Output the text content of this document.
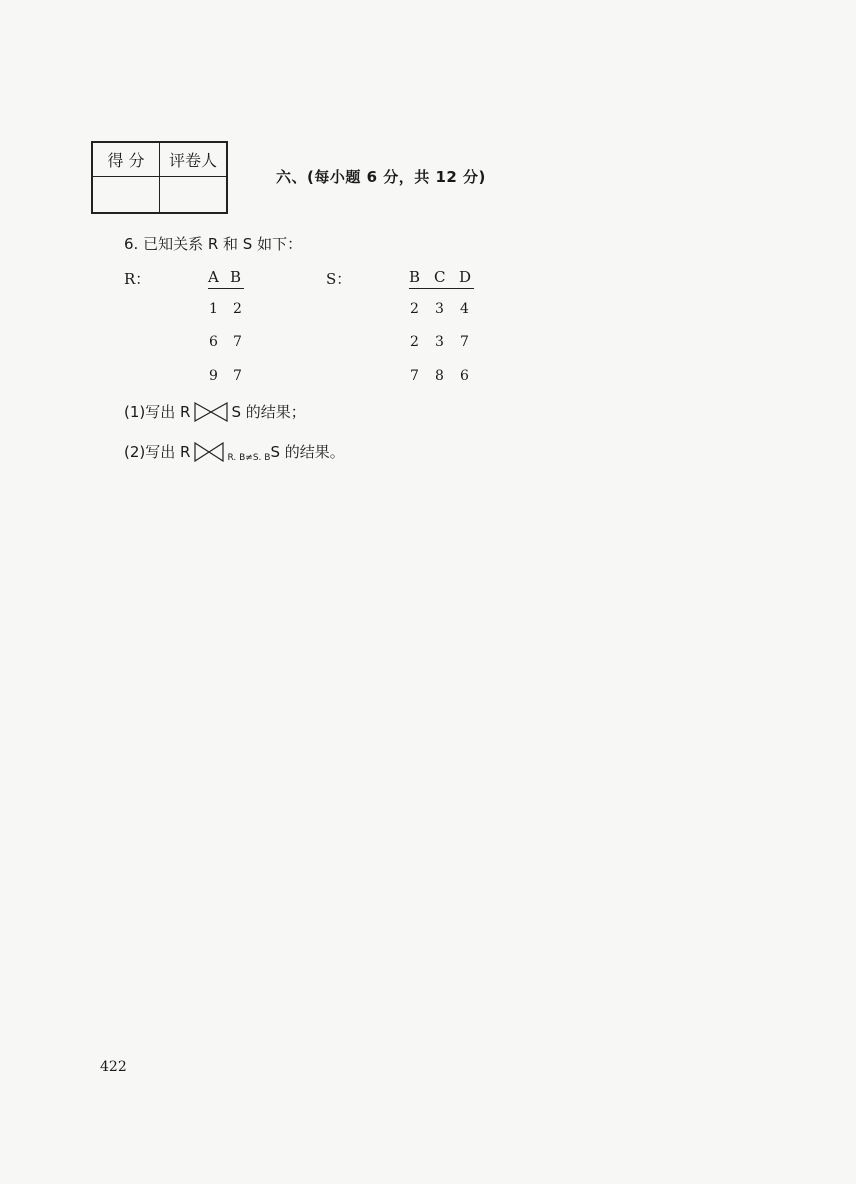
得 分	评卷人

六、(每小题 6 分，共 12 分)
6. 已知关系 R 和 S 如下：
R：	A B
1 2
6 7
9 7
S：	B C D
2 3 4
2 3 7
7 8 6
(1)写出 R	S 的结果；
(2)写出 R	R. B≠S. B S 的结果。
422
